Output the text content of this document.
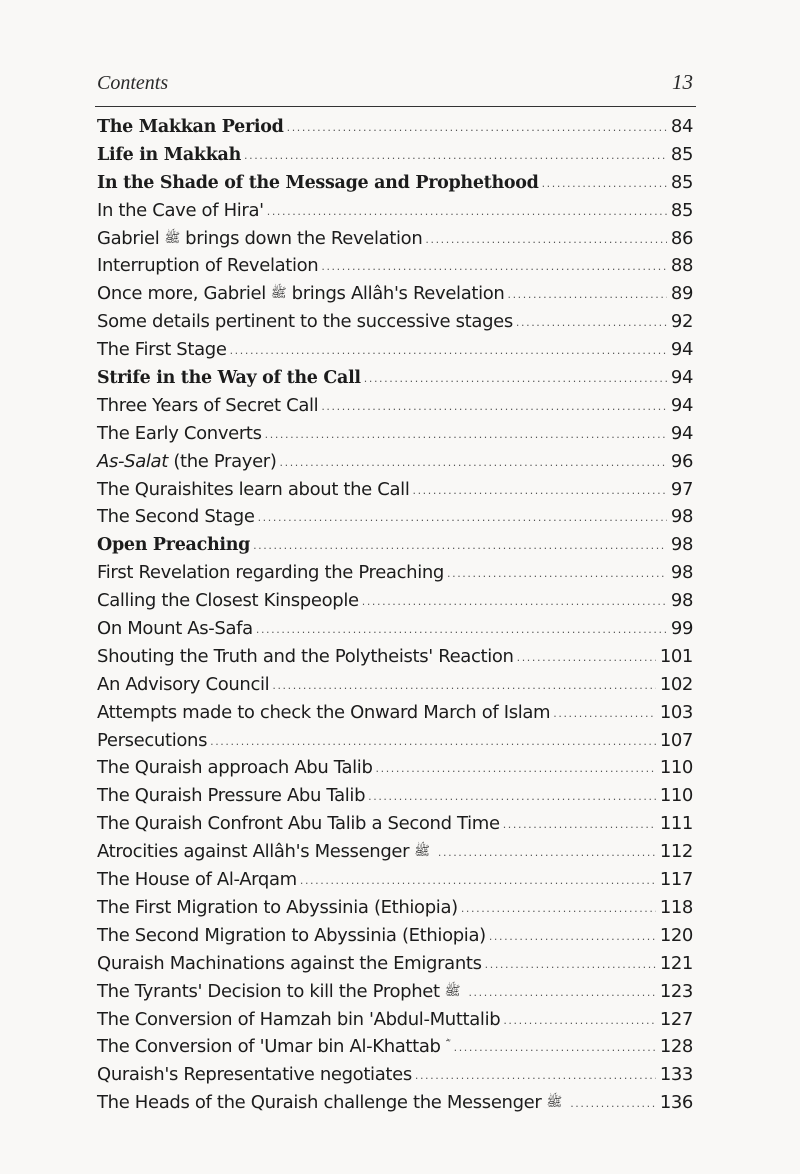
Contents	13
The Makkan Period .....	84
Life in Makkah .....	85
In the Shade of the Message and Prophethood .....	85
In the Cave of Hira' .....	85
Gabriel ﷺ brings down the Revelation .....	86
Interruption of Revelation .....	88
Once more, Gabriel ﷺ brings Allâh's Revelation .....	89
Some details pertinent to the successive stages .....	92
The First Stage .....	94
Strife in the Way of the Call .....	94
Three Years of Secret Call .....	94
The Early Converts .....	94
As-Salat (the Prayer) .....	96
The Quraishites learn about the Call .....	97
The Second Stage .....	98
Open Preaching .....	98
First Revelation regarding the Preaching .....	98
Calling the Closest Kinspeople .....	98
On Mount As-Safa .....	99
Shouting the Truth and the Polytheists' Reaction .....	101
An Advisory Council .....	102
Attempts made to check the Onward March of Islam .....	103
Persecutions .....	107
The Quraish approach Abu Talib .....	110
The Quraish Pressure Abu Talib .....	110
The Quraish Confront Abu Talib a Second Time .....	111
Atrocities against Allâh's Messenger ﷺ .....	112
The House of Al-Arqam .....	117
The First Migration to Abyssinia (Ethiopia) .....	118
The Second Migration to Abyssinia (Ethiopia) .....	120
Quraish Machinations against the Emigrants .....	121
The Tyrants' Decision to kill the Prophet ﷺ .....	123
The Conversion of Hamzah bin 'Abdul-Muttalib .....	127
The Conversion of 'Umar bin Al-Khattab .....	128
Quraish's Representative negotiates .....	133
The Heads of the Quraish challenge the Messenger ﷺ .....	136
